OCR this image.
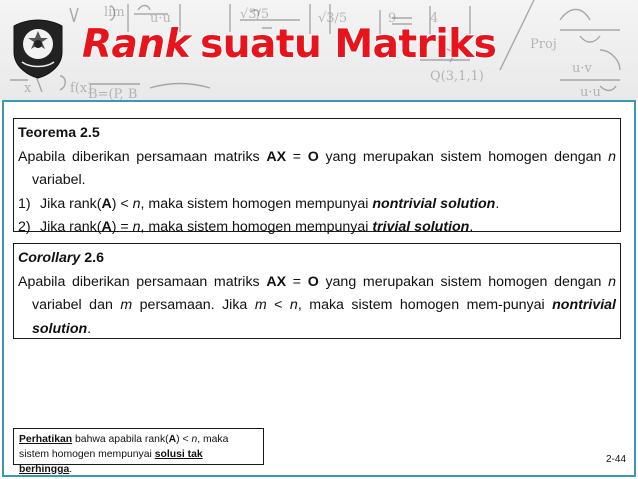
lim u·u	√3/5	√3/5	9	4
Proj
Q(3,1,1)
x	f(x)
B=(P, B
u·v
u·u
Rank suatu Matriks
Teorema 2.5

Apabila diberikan persamaan matriks AX = O yang merupakan sistem homogen dengan n variabel.

1) Jika rank(A) < n, maka sistem homogen mempunyai nontrivial solution.

2) Jika rank(A) = n, maka sistem homogen mempunyai trivial solution.

Corollary 2.6

Apabila diberikan persamaan matriks AX = O yang merupakan sistem homogen dengan n variabel dan m persamaan. Jika m < n, maka sistem homogen mem-punyai nontrivial solution.

Perhatikan bahwa apabila rank(A) < n, maka sistem homogen mempunyai solusi tak berhingga.
2-44
